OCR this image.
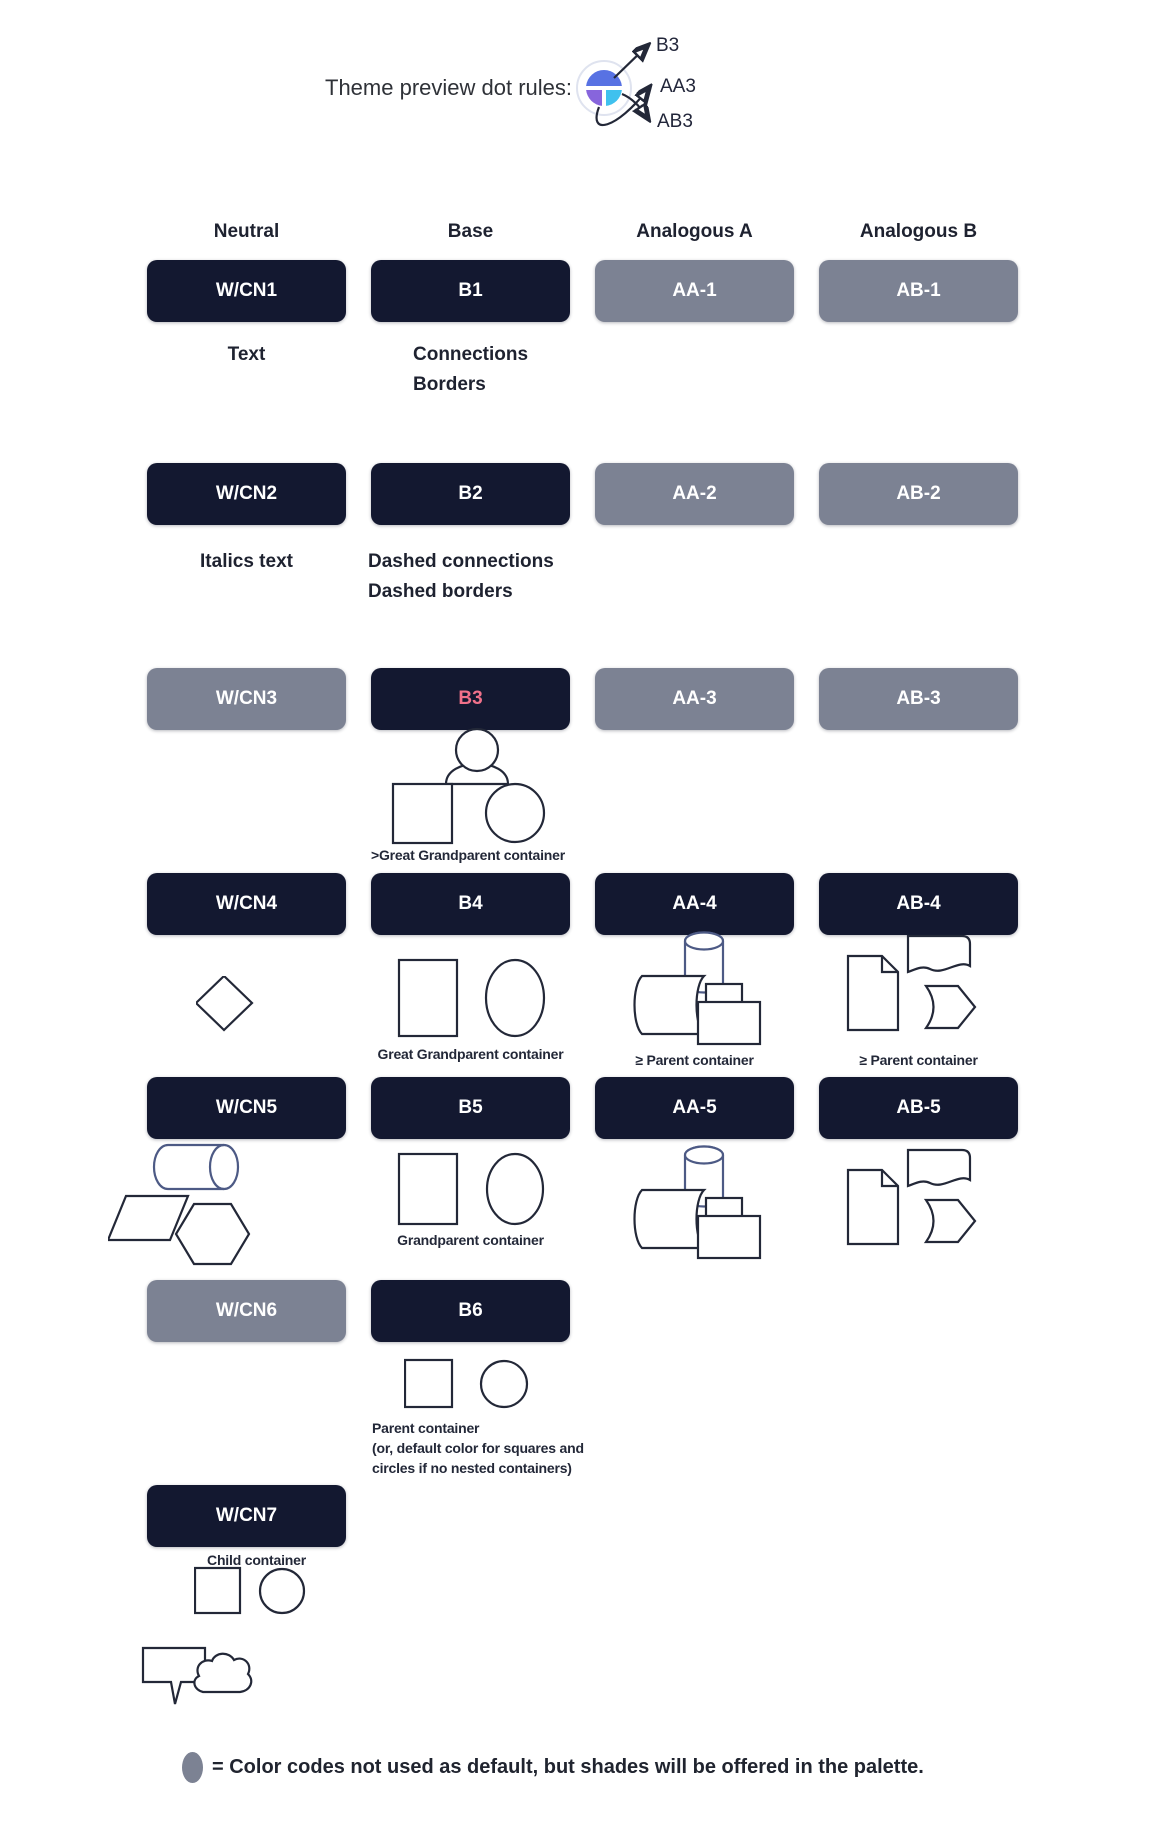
Theme preview dot rules:
B3
AA3
AB3
Neutral	Base	Analogous A	Analogous B
W/CN1	B1	AA-1	AB-1
W/CN2	B2	AA-2	AB-2
W/CN3	B3	AA-3	AB-3
W/CN4	B4	AA-4	AB-4
W/CN5	B5	AA-5	AB-5
W/CN6	B6
W/CN7
Text	Connections
Borders
Italics text	Dashed connections
Dashed borders
>Great Grandparent container
Great Grandparent container	≥ Parent container	≥ Parent container
Grandparent container
Parent container
(or, default color for squares and
circles if no nested containers)
Child container
= Color codes not used as default, but shades will be offered in the palette.
